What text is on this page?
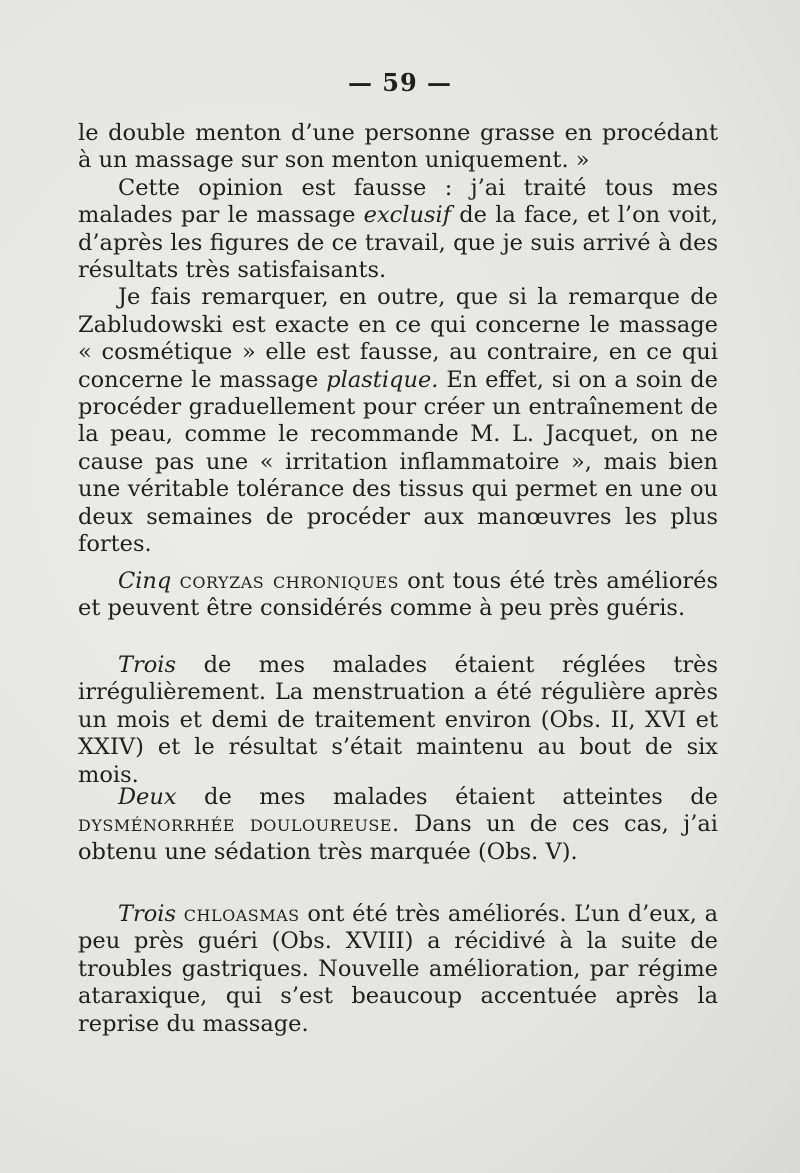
— 59 —

le double menton d’une personne grasse en procédant à un massage sur son menton uniquement. »

Cette opinion est fausse : j’ai traité tous mes malades par le massage exclusif de la face, et l’on voit, d’après les figures de ce travail, que je suis arrivé à des résultats très satisfaisants.

Je fais remarquer, en outre, que si la remarque de Zabludowski est exacte en ce qui concerne le massage « cosmétique » elle est fausse, au contraire, en ce qui concerne le massage plastique. En effet, si on a soin de procéder graduellement pour créer un entraînement de la peau, comme le recommande M. L. Jacquet, on ne cause pas une « irritation inflammatoire », mais bien une véritable tolérance des tissus qui permet en une ou deux semaines de procéder aux manœuvres les plus fortes.

Cinq coryzas chroniques ont tous été très améliorés et peuvent être considérés comme à peu près guéris.

Trois de mes malades étaient réglées très irrégulièrement. La menstruation a été régulière après un mois et demi de traitement environ (Obs. II, XVI et XXIV) et le résultat s’était maintenu au bout de six mois.

Deux de mes malades étaient atteintes de dysménorrhée douloureuse. Dans un de ces cas, j’ai obtenu une sédation très marquée (Obs. V).

Trois chloasmas ont été très améliorés. L’un d’eux, a peu près guéri (Obs. XVIII) a récidivé à la suite de troubles gastriques. Nouvelle amélioration, par régime ataraxique, qui s’est beaucoup accentuée après la reprise du massage.
